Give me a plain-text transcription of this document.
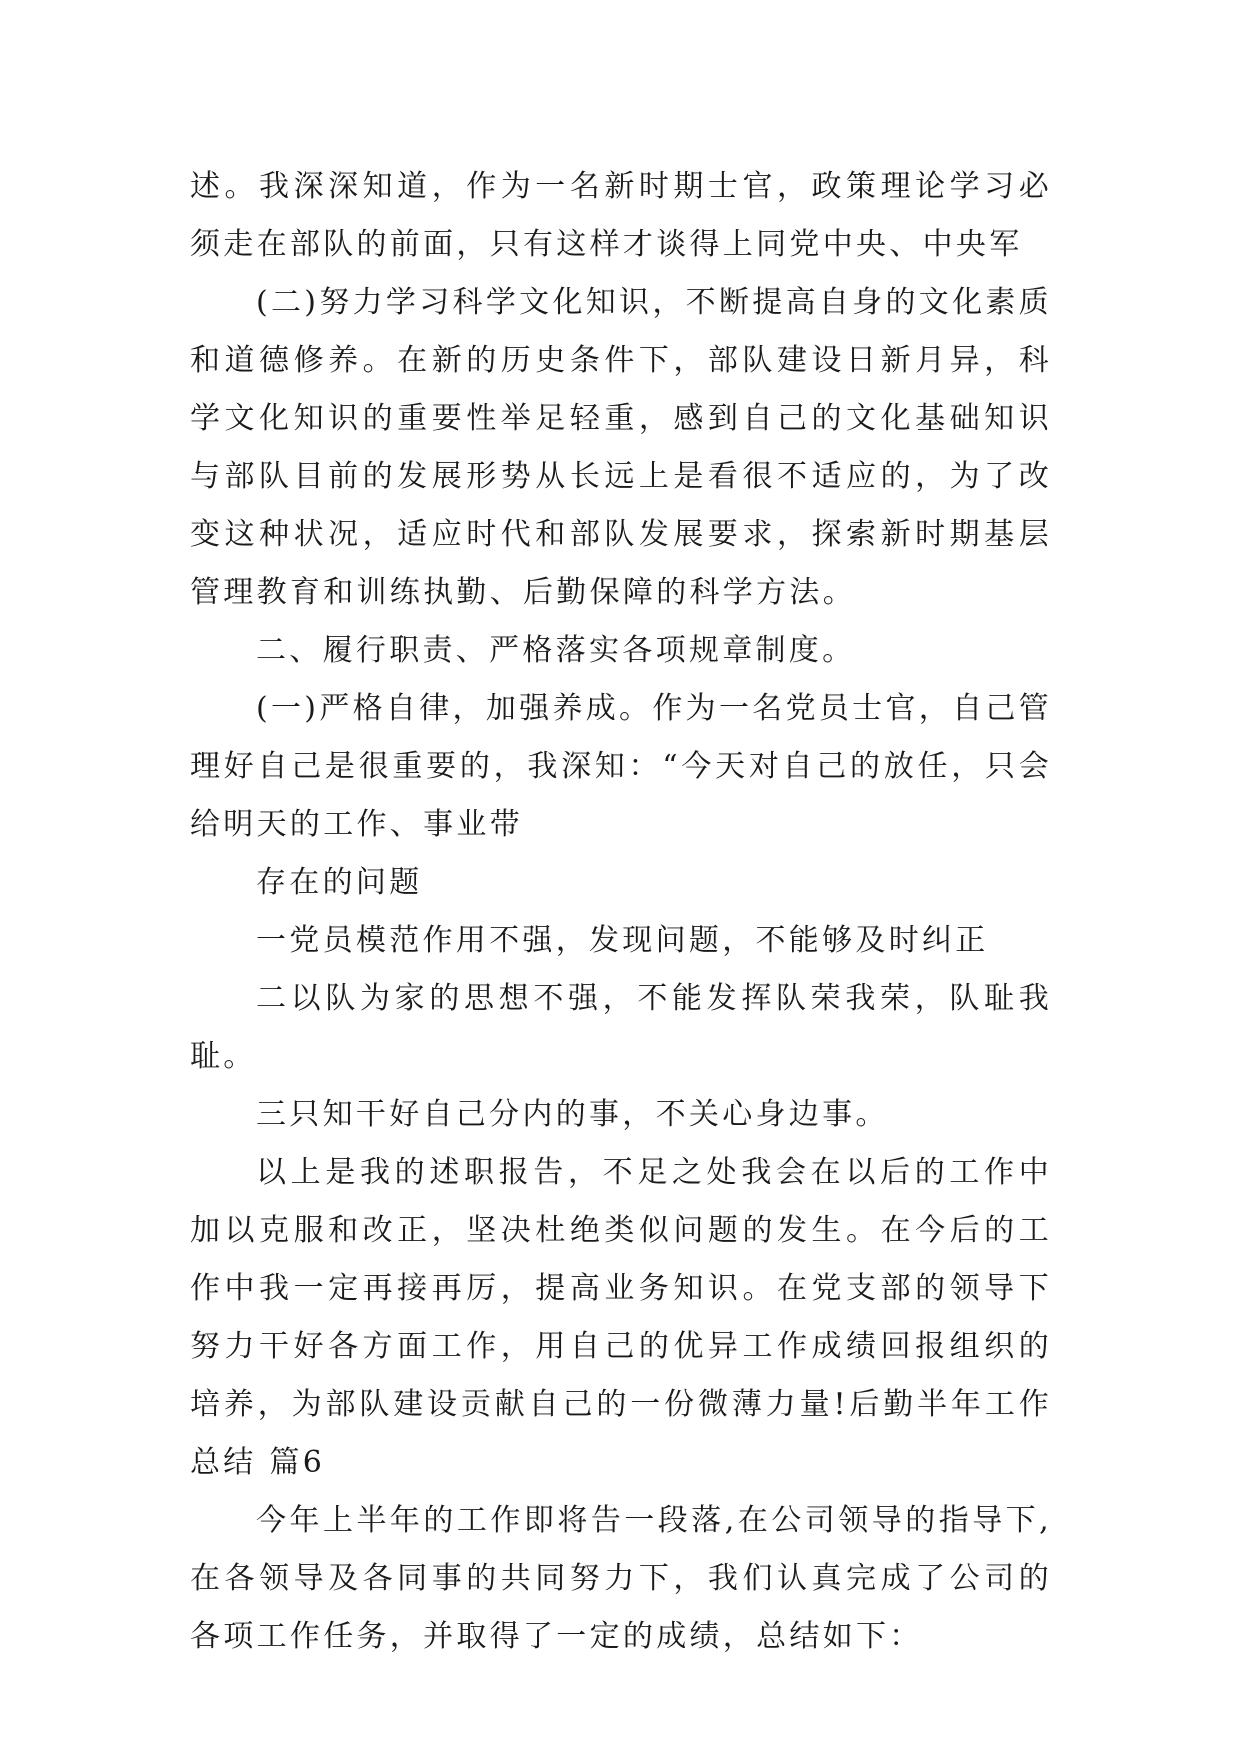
述。我深深知道，作为一名新时期士官，政策理论学习必须走在部队的前面，只有这样才谈得上同党中央、中央军

(二)努力学习科学文化知识，不断提高自身的文化素质和道德修养。在新的历史条件下，部队建设日新月异，科学文化知识的重要性举足轻重，感到自己的文化基础知识与部队目前的发展形势从长远上是看很不适应的，为了改变这种状况，适应时代和部队发展要求，探索新时期基层管理教育和训练执勤、后勤保障的科学方法。

二、履行职责、严格落实各项规章制度。

(一)严格自律，加强养成。作为一名党员士官，自己管理好自己是很重要的，我深知：“今天对自己的放任，只会给明天的工作、事业带

存在的问题

一党员模范作用不强，发现问题，不能够及时纠正

二以队为家的思想不强，不能发挥队荣我荣，队耻我耻。

三只知干好自己分内的事，不关心身边事。

以上是我的述职报告，不足之处我会在以后的工作中加以克服和改正，坚决杜绝类似问题的发生。在今后的工作中我一定再接再厉，提高业务知识。在党支部的领导下努力干好各方面工作，用自己的优异工作成绩回报组织的培养，为部队建设贡献自己的一份微薄力量!后勤半年工作总结 篇6

今年上半年的工作即将告一段落,在公司领导的指导下,在各领导及各同事的共同努力下，我们认真完成了公司的各项工作任务，并取得了一定的成绩，总结如下：
